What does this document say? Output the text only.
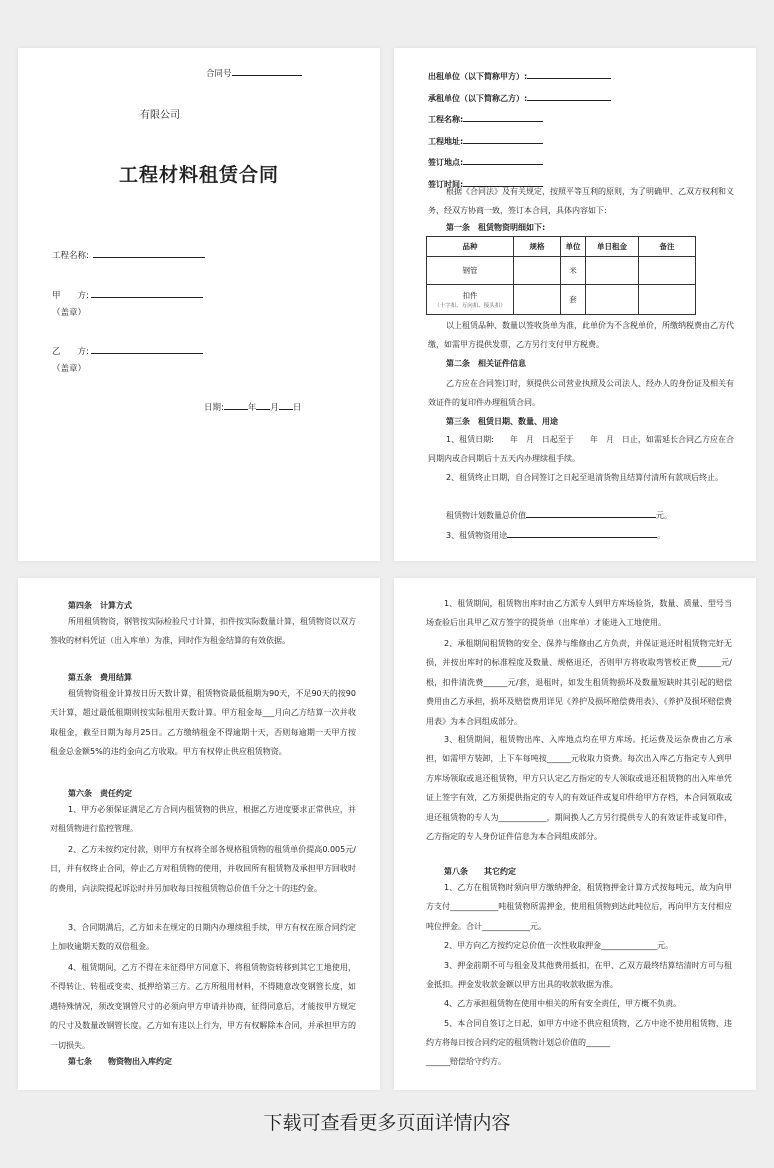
合同号
有限公司
工程材料租赁合同
工程名称:
甲　　方:
（盖章）
乙　　方:
（盖章）
日期:	年 月 日
出租单位（以下简称甲方）:
承租单位（以下简称乙方）:
工程名称:
工程地址:
签订地点:
签订时间:
根据《合同法》及有关规定，按照平等互利的原则，为了明确甲、乙双方权利和义务，经双方协商一致，签订本合同，具体内容如下:
第一条　租赁物资明细如下:
品种	规格	单位	单日租金	备注
钢管		米		

扣件
（十字扣、万向扣、接头扣）		套		
以上租赁品种、数量以签收货单为准，此单价为不含税单价，所缴纳税费由乙方代缴，如需甲方提供发票，乙方另行支付甲方税费。
第二条　相关证件信息
乙方应在合同签订时，须提供公司营业执照及公司法人、经办人的身份证及相关有效证件的复印件办理租赁合同。
第三条　租赁日期、数量、用途
1、租赁日期:　　年　月　日起至于　　年　月　日止，如需延长合同乙方应在合同期内或合同期后十五天内办理续租手续。
2、租赁终止日期，自合同签订之日起至退清货物且结算付清所有款项后终止。
租赁物计划数量总价值	元。
3、租赁物资用途	。
第四条　计算方式
所用租赁物资，钢管按实际检验尺寸计算，扣件按实际数量计算，租赁物资以双方签收的材料凭证（出入库单）为准，同时作为租金结算的有效依据。
第五条　费用结算
租赁物资租金计算按日历天数计算，租赁物资最低租期为90天，不足90天的按90天计算，超过最低租期则按实际租用天数计算。甲方租金每___月向乙方结算一次并收取租金，截至日期为每月25日。乙方缴纳租金不得逾期十天，否则每逾期一天甲方按租金总金额5%的违约金向乙方收取。甲方有权停止供应租赁物资。
第六条　责任约定
1、甲方必须保证满足乙方合同内租赁物的供应，根据乙方进度要求正常供应，并对租赁物进行监控管理。
2、乙方未按约定付款，则甲方有权将全部各规格租赁物的租赁单价提高0.005元/日，并有权终止合同，停止乙方对租赁物的使用，并收回所有租赁物及承担甲方回收时的费用，向法院提起诉讼时并另加收每日按租赁物总价值千分之十的违约金。
3、合同期满后，乙方如未在规定的日期内办理续租手续，甲方有权在原合同约定上加收逾期天数的双倍租金。
4、租赁期间，乙方不得在未征得甲方同意下、将租赁物资转移到其它工地使用，不得转让、转租或变卖、抵押给第三方。乙方所租用材料，不得随意改变钢管长度，如遇特殊情况，须改变钢管尺寸的必须向甲方申请并协商，征得同意后，才能按甲方规定的尺寸及数量改钢管长度。乙方如有违以上行为，甲方有权解除本合同，并承担甲方的一切损失。
第七条　　物资物出入库约定
1、租赁期间，租赁物出库时由乙方派专人到甲方库场验货，数量、质量、型号当场查验后出具甲乙双方签字的提货单（出库单）才能进入工地使用。
2、承租期间租赁物的安全、保养与维修由乙方负责，并保证退还时租赁物完好无损，并按出库时的标准程度及数量、规格退还，否则甲方将收取弯管校正费______元/根，扣件清洗费______元/套，退租时，如发生租赁物损坏及数量短缺时其引起的赔偿费用由乙方承担，损坏及赔偿费用详见《养护及损坏赔偿费用表》、《养护及损坏赔偿费用表》为本合同组成部分。
3、租赁期间，租赁物出库、入库地点均在甲方库场。托运费及运杂费由乙方承担，如需甲方装卸，上下车每吨按______元收取力资费。每次出入库乙方指定专人到甲方库场领取或退还租赁物，甲方只认定乙方指定的专人领取或退还租赁物的出入库单凭证上签字有效，乙方须提供指定的专人的有效证件或复印件给甲方存档，本合同领取或退还租赁物的专人为____________，期间换人乙方另行提供专人的有效证件或复印件，乙方指定的专人身份证件信息为本合同组成部分。
第八条　　其它约定
1、乙方在租赁物时须向甲方缴纳押金，租赁物押金计算方式按每吨元，故为向甲方支付____________吨租赁物所需押金，使用租赁物到达此吨位后，再向甲方支付相应吨位押金。合计____________元。
2、甲方向乙方按约定总价值一次性收取押金______________元。
3、押金前期不可与租金及其他费用抵扣，在甲、乙双方最终结算结清时方可与租金抵扣。押金发收款金额以甲方出具的收款收据为准。
4、乙方承担租赁物在使用中相关的所有安全责任，甲方概不负责。
5、本合同自签订之日起，如甲方中途不供应租赁物，乙方中途不使用租赁物，违约方将每日按合同约定的租赁物计划总价值的______
______赔偿给守约方。
下载可查看更多页面详情内容
